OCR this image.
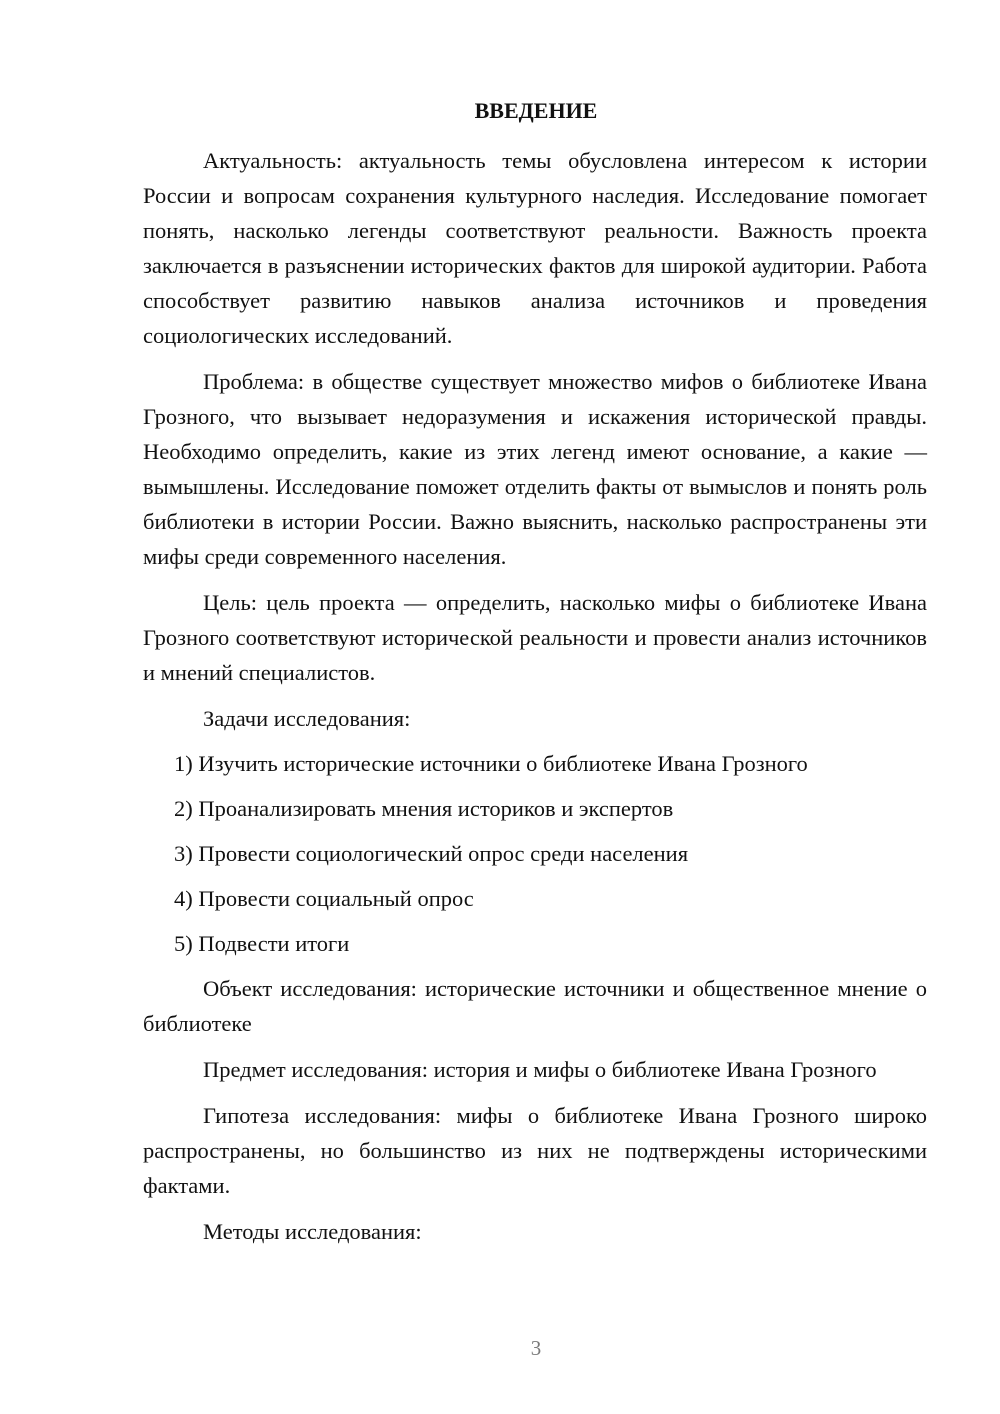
ВВЕДЕНИЕ

Актуальность: актуальность темы обусловлена интересом к истории России и вопросам сохранения культурного наследия. Исследование помогает понять, насколько легенды соответствуют реальности. Важность проекта заключается в разъяснении исторических фактов для широкой аудитории. Работа способствует развитию навыков анализа источников и проведения социологических исследований.

Проблема: в обществе существует множество мифов о библиотеке Ивана Грозного, что вызывает недоразумения и искажения исторической правды. Необходимо определить, какие из этих легенд имеют основание, а какие — вымышлены. Исследование поможет отделить факты от вымыслов и понять роль библиотеки в истории России. Важно выяснить, насколько распространены эти мифы среди современного населения.

Цель: цель проекта — определить, насколько мифы о библиотеке Ивана Грозного соответствуют исторической реальности и провести анализ источников и мнений специалистов.

Задачи исследования:

1) Изучить исторические источники о библиотеке Ивана Грозного
2) Проанализировать мнения историков и экспертов
3) Провести социологический опрос среди населения
4) Провести социальный опрос
5) Подвести итоги

Объект исследования: исторические источники и общественное мнение о библиотеке

Предмет исследования: история и мифы о библиотеке Ивана Грозного

Гипотеза исследования: мифы о библиотеке Ивана Грозного широко распространены, но большинство из них не подтверждены историческими фактами.

Методы исследования:

3
